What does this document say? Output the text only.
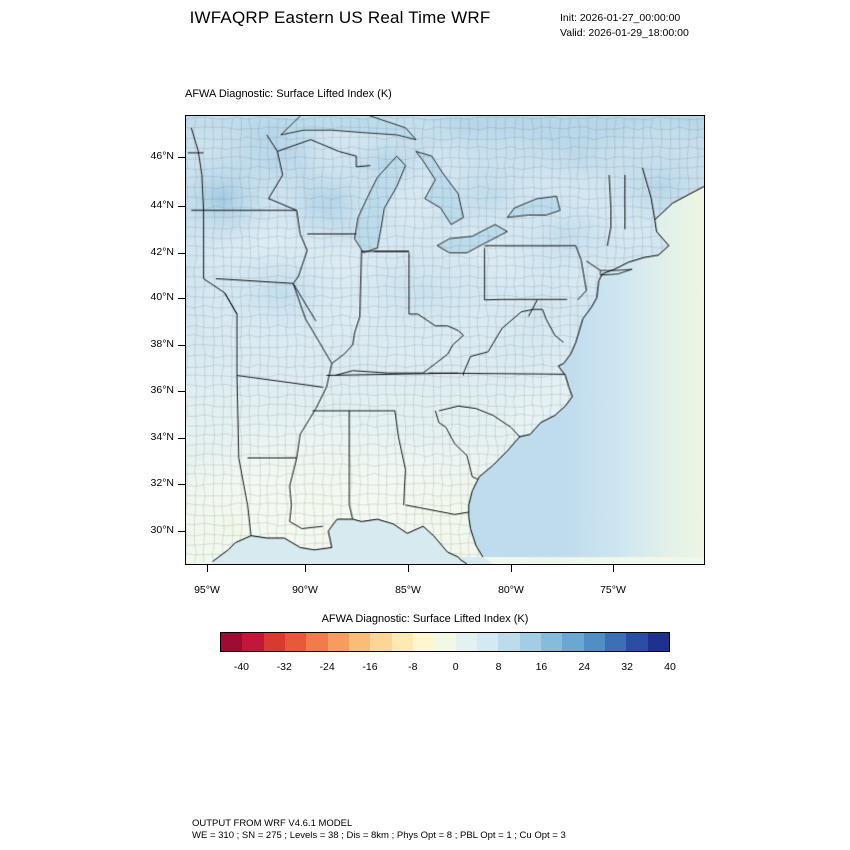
IWFAQRP Eastern US Real Time WRF	Init: 2026-01-27_00:00:00
Valid: 2026-01-29_18:00:00
AFWA Diagnostic: Surface Lifted Index (K)
46°N
44°N
42°N
40°N
38°N
36°N
34°N
32°N
30°N
95°W	90°W	85°W	80°W	75°W
AFWA Diagnostic: Surface Lifted Index (K)
-40	-32	-24	-16	-8	0	8	16	24	32	40
OUTPUT FROM WRF V4.6.1 MODEL
WE = 310 ; SN = 275 ; Levels = 38 ; Dis = 8km ; Phys Opt = 8 ; PBL Opt = 1 ; Cu Opt = 3
